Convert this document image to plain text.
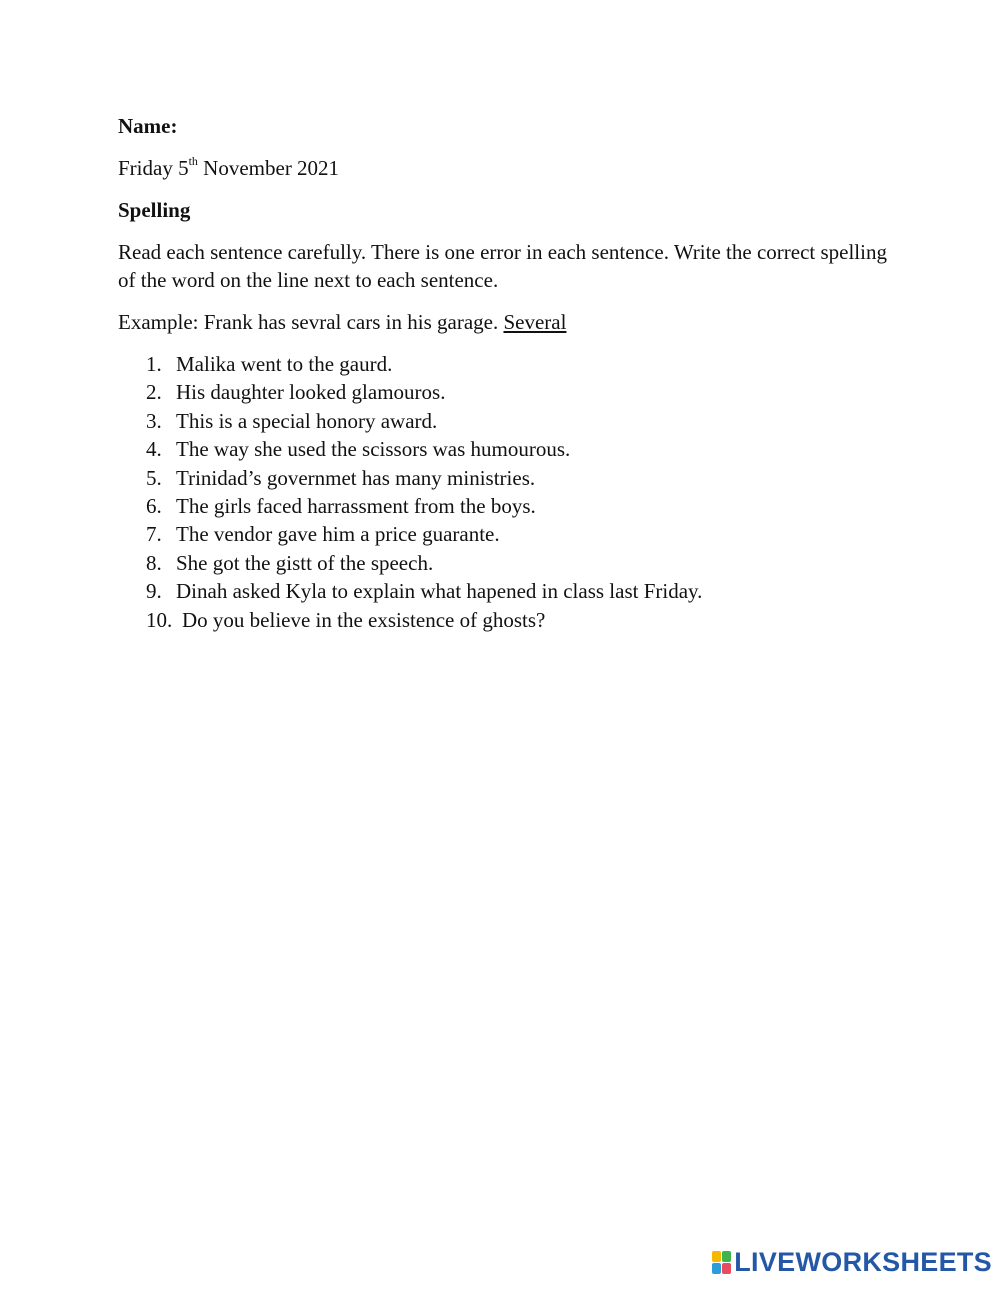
Name:

Friday 5th November 2021

Spelling

Read each sentence carefully. There is one error in each sentence. Write the correct spelling of the word on the line next to each sentence.

Example: Frank has sevral cars in his garage. Several

1. Malika went to the gaurd.
2. His daughter looked glamouros.
3. This is a special honory award.
4. The way she used the scissors was humourous.
5. Trinidad’s governmet has many ministries.
6. The girls faced harrassment from the boys.
7. The vendor gave him a price guarante.
8. She got the gistt of the speech.
9. Dinah asked Kyla to explain what hapened in class last Friday.
10. Do you believe in the exsistence of ghosts?
LIVEWORKSHEETS
